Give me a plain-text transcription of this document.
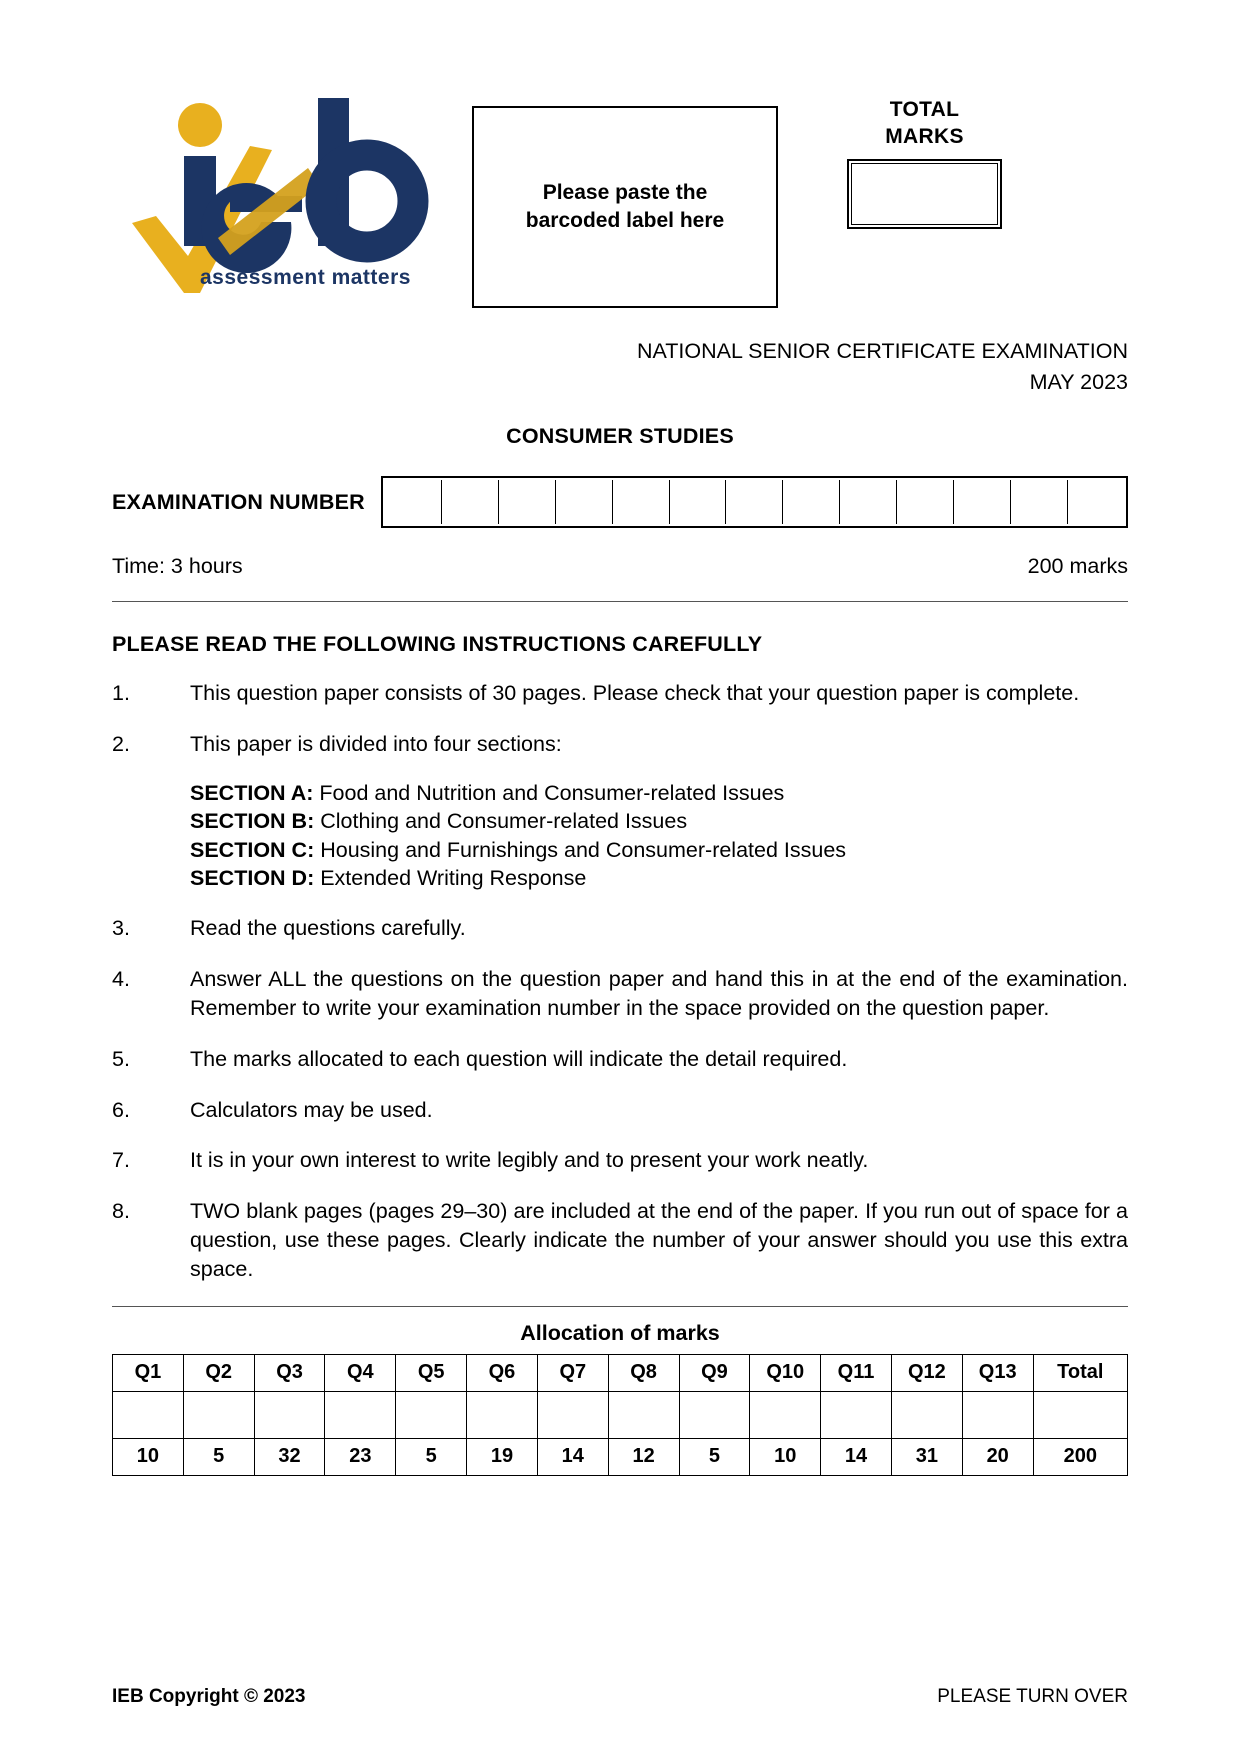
assessment matters
Please paste the
barcoded label here
TOTAL
MARKS
NATIONAL SENIOR CERTIFICATE EXAMINATION
MAY 2023
CONSUMER STUDIES
EXAMINATION NUMBER
Time: 3 hours	200 marks
PLEASE READ THE FOLLOWING INSTRUCTIONS CAREFULLY
1.	This question paper consists of 30 pages. Please check that your question paper is complete.
2.	This paper is divided into four sections:
SECTION A: Food and Nutrition and Consumer-related Issues
SECTION B: Clothing and Consumer-related Issues
SECTION C: Housing and Furnishings and Consumer-related Issues
SECTION D: Extended Writing Response
3.	Read the questions carefully.
4.	Answer ALL the questions on the question paper and hand this in at the end of the examination. Remember to write your examination number in the space provided on the question paper.
5.	The marks allocated to each question will indicate the detail required.
6.	Calculators may be used.
7.	It is in your own interest to write legibly and to present your work neatly.
8.	TWO blank pages (pages 29–30) are included at the end of the paper. If you run out of space for a question, use these pages. Clearly indicate the number of your answer should you use this extra space.
Allocation of marks
Q1	Q2	Q3	Q4	Q5	Q6	Q7	Q8	Q9	Q10	Q11	Q12	Q13	Total

10	5	32	23	5	19	14	12	5	10	14	31	20	200
IEB Copyright © 2023	PLEASE TURN OVER
